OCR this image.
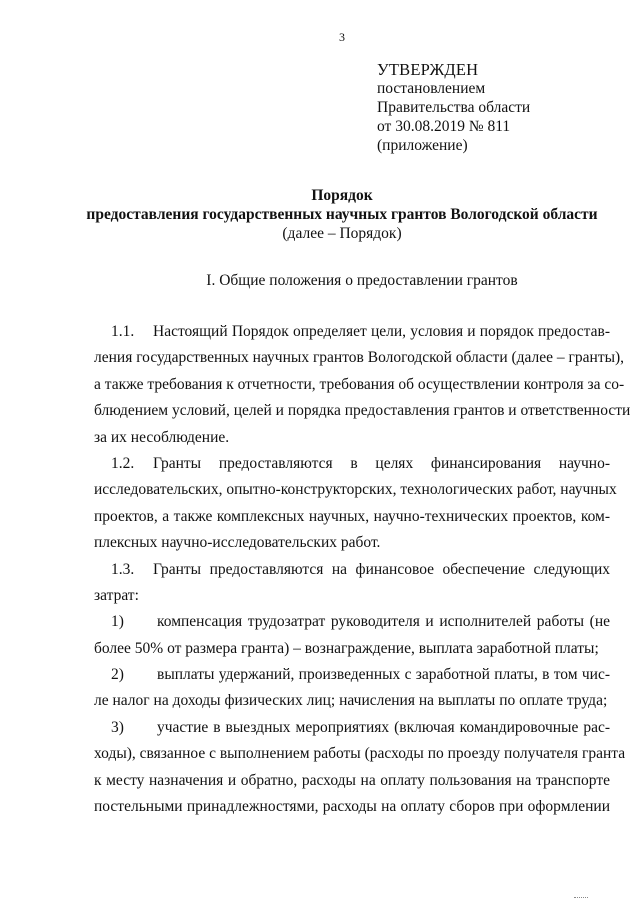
3
УТВЕРЖДЕН
постановлением
Правительства области
от 30.08.2019 № 811
(приложение)
Порядок
предоставления государственных научных грантов Вологодской области
(далее – Порядок)
I. Общие положения о предоставлении грантов
1.1. Настоящий Порядок определяет цели, условия и порядок предостав-
ления государственных научных грантов Вологодской области (далее – гранты),
а также требования к отчетности, требования об осуществлении контроля за со-
блюдением условий, целей и порядка предоставления грантов и ответственности
за их несоблюдение.
1.2. Гранты предоставляются в целях финансирования научно-
исследовательских, опытно-конструкторских, технологических работ, научных
проектов, а также комплексных научных, научно-технических проектов, ком-
плексных научно-исследовательских работ.
1.3. Гранты предоставляются на финансовое обеспечение следующих
затрат:
1) компенсация трудозатрат руководителя и исполнителей работы (не
более 50% от размера гранта) – вознаграждение, выплата заработной платы;
2) выплаты удержаний, произведенных с заработной платы, в том чис-
ле налог на доходы физических лиц; начисления на выплаты по оплате труда;
3) участие в выездных мероприятиях (включая командировочные рас-
ходы), связанное с выполнением работы (расходы по проезду получателя гранта
к месту назначения и обратно, расходы на оплату пользования на транспорте
постельными принадлежностями, расходы на оплату сборов при оформлении
